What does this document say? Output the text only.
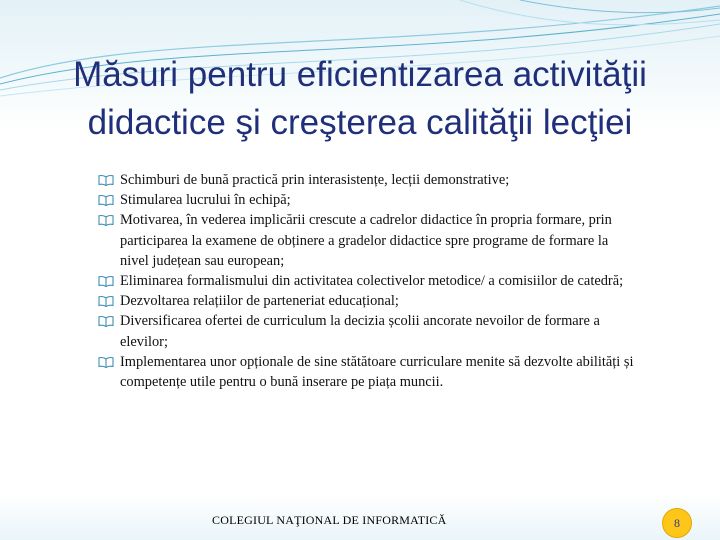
Măsuri pentru eficientizarea activităţii
didactice şi creşterea calităţii lecţiei
Schimburi de bună practică prin interasistențe, lecții demonstrative;
Stimularea lucrului în echipă;
Motivarea, în vederea implicării crescute a cadrelor didactice în propria formare, prin participarea la examene de obținere a gradelor didactice spre programe de formare la nivel județean sau european;
Eliminarea formalismului din activitatea colectivelor metodice/ a comisiilor de catedră;
Dezvoltarea relațiilor de parteneriat educațional;
Diversificarea ofertei de curriculum la decizia școlii ancorate nevoilor de formare a elevilor;
Implementarea unor opționale de sine stătătoare curriculare menite să dezvolte abilități și competențe utile pentru o bună inserare pe piața muncii.
COLEGIUL NAŢIONAL DE INFORMATICĂ	8
